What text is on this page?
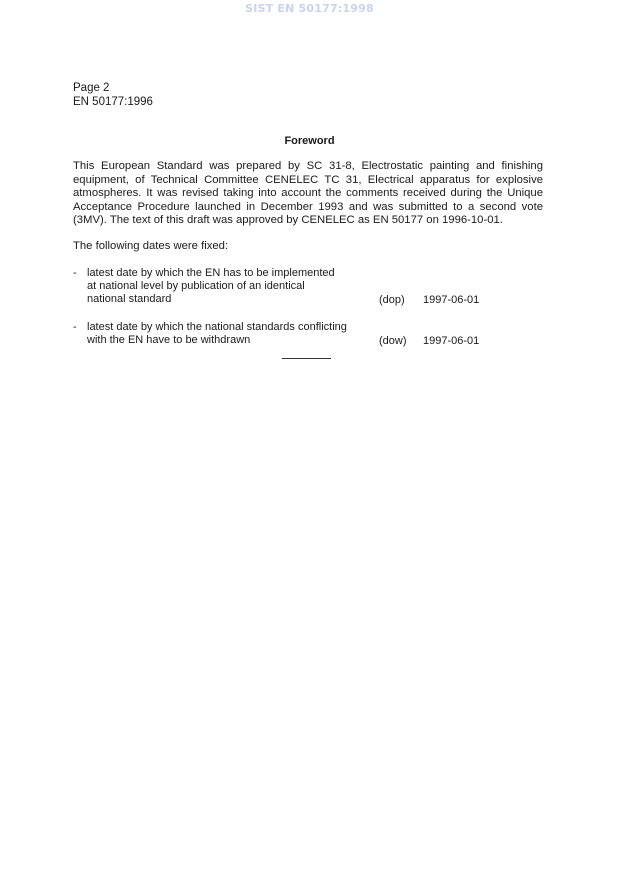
SIST EN 50177:1998
Page 2
EN 50177:1996
Foreword

This European Standard was prepared by SC 31-8, Electrostatic painting and finishing equipment, of Technical Committee CENELEC TC 31, Electrical apparatus for explosive atmospheres. It was revised taking into account the comments received during the Unique Acceptance Procedure launched in December 1993 and was submitted to a second vote (3MV). The text of this draft was approved by CENELEC as EN 50177 on 1996-10-01.

The following dates were fixed:

- latest date by which the EN has to be implemented
at national level by publication of an identical
national standard	(dop) 1997-06-01
- latest date by which the national standards conflicting
with the EN have to be withdrawn	(dow) 1997-06-01
